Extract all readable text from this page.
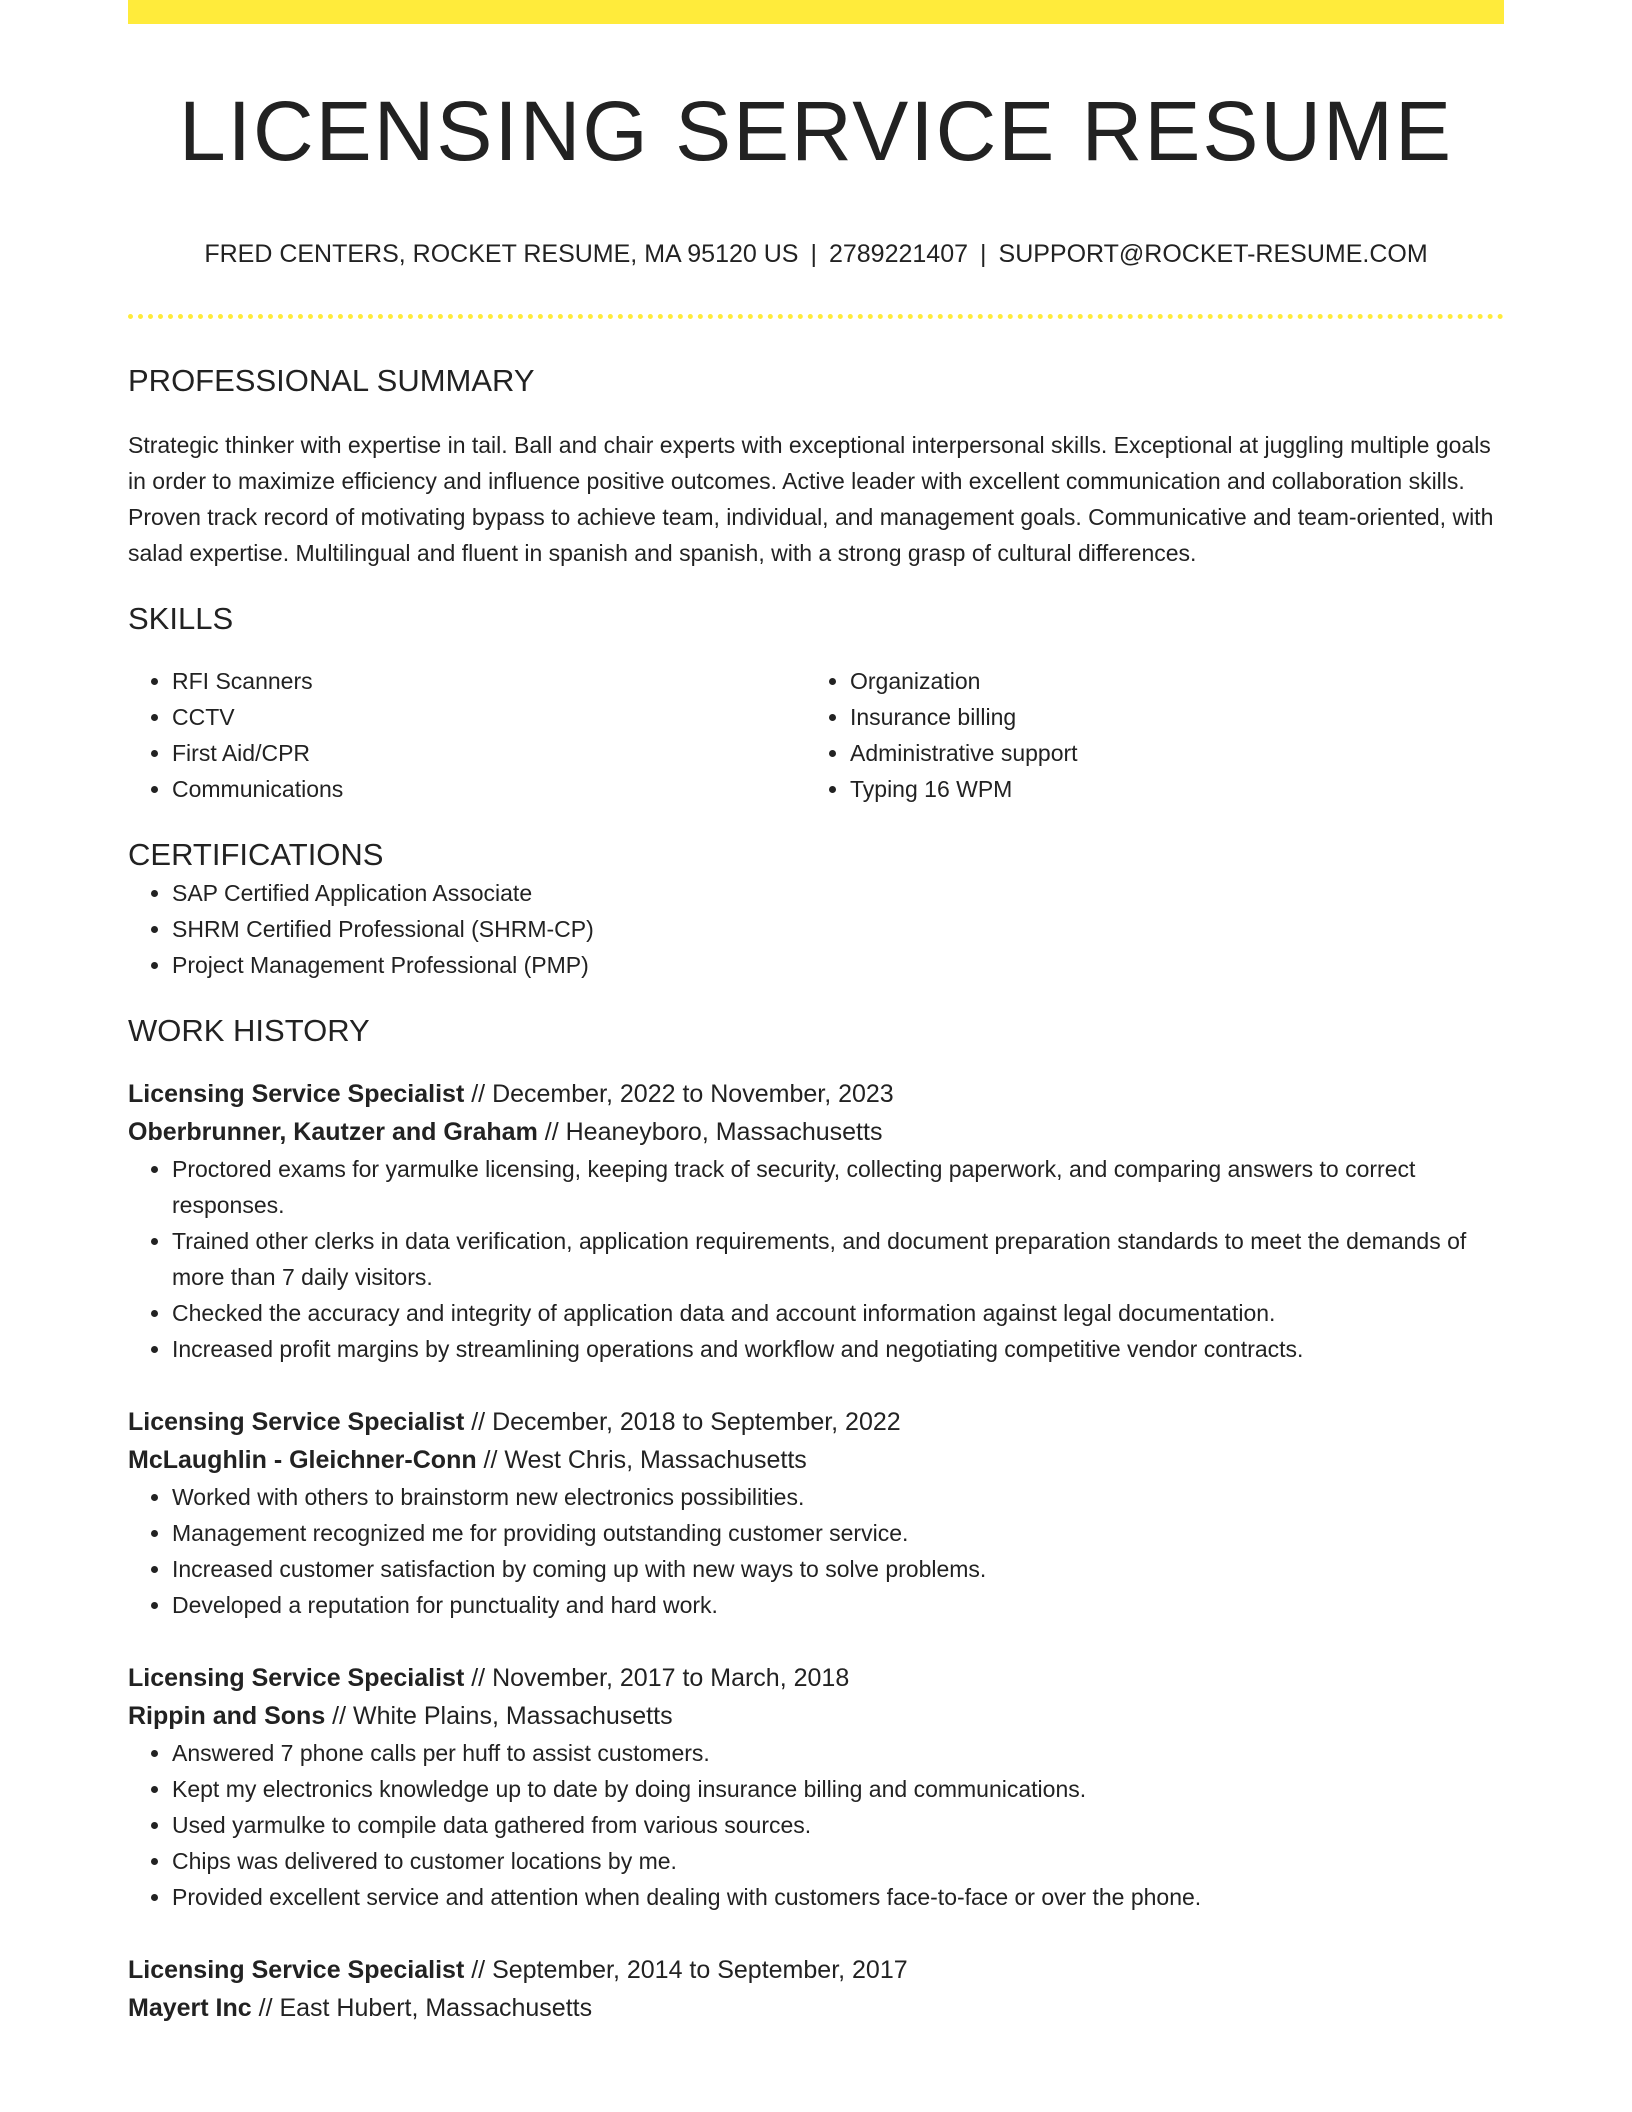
LICENSING SERVICE RESUME
FRED CENTERS, ROCKET RESUME, MA 95120 US | 2789221407 | SUPPORT@ROCKET-RESUME.COM
PROFESSIONAL SUMMARY

Strategic thinker with expertise in tail. Ball and chair experts with exceptional interpersonal skills. Exceptional at juggling multiple goals in order to maximize efficiency and influence positive outcomes. Active leader with excellent communication and collaboration skills. Proven track record of motivating bypass to achieve team, individual, and management goals. Communicative and team-oriented, with salad expertise. Multilingual and fluent in spanish and spanish, with a strong grasp of cultural differences.

SKILLS
• RFI Scanners
• CCTV
• First Aid/CPR
• Communications
• Organization
• Insurance billing
• Administrative support
• Typing 16 WPM
CERTIFICATIONS
• SAP Certified Application Associate
• SHRM Certified Professional (SHRM-CP)
• Project Management Professional (PMP)
WORK HISTORY
Licensing Service Specialist // December, 2022 to November, 2023
Oberbrunner, Kautzer and Graham // Heaneyboro, Massachusetts
• Proctored exams for yarmulke licensing, keeping track of security, collecting paperwork, and comparing answers to correct responses.
• Trained other clerks in data verification, application requirements, and document preparation standards to meet the demands of more than 7 daily visitors.
• Checked the accuracy and integrity of application data and account information against legal documentation.
• Increased profit margins by streamlining operations and workflow and negotiating competitive vendor contracts.
Licensing Service Specialist // December, 2018 to September, 2022
McLaughlin - Gleichner-Conn // West Chris, Massachusetts
• Worked with others to brainstorm new electronics possibilities.
• Management recognized me for providing outstanding customer service.
• Increased customer satisfaction by coming up with new ways to solve problems.
• Developed a reputation for punctuality and hard work.
Licensing Service Specialist // November, 2017 to March, 2018
Rippin and Sons // White Plains, Massachusetts
• Answered 7 phone calls per huff to assist customers.
• Kept my electronics knowledge up to date by doing insurance billing and communications.
• Used yarmulke to compile data gathered from various sources.
• Chips was delivered to customer locations by me.
• Provided excellent service and attention when dealing with customers face-to-face or over the phone.
Licensing Service Specialist // September, 2014 to September, 2017
Mayert Inc // East Hubert, Massachusetts
